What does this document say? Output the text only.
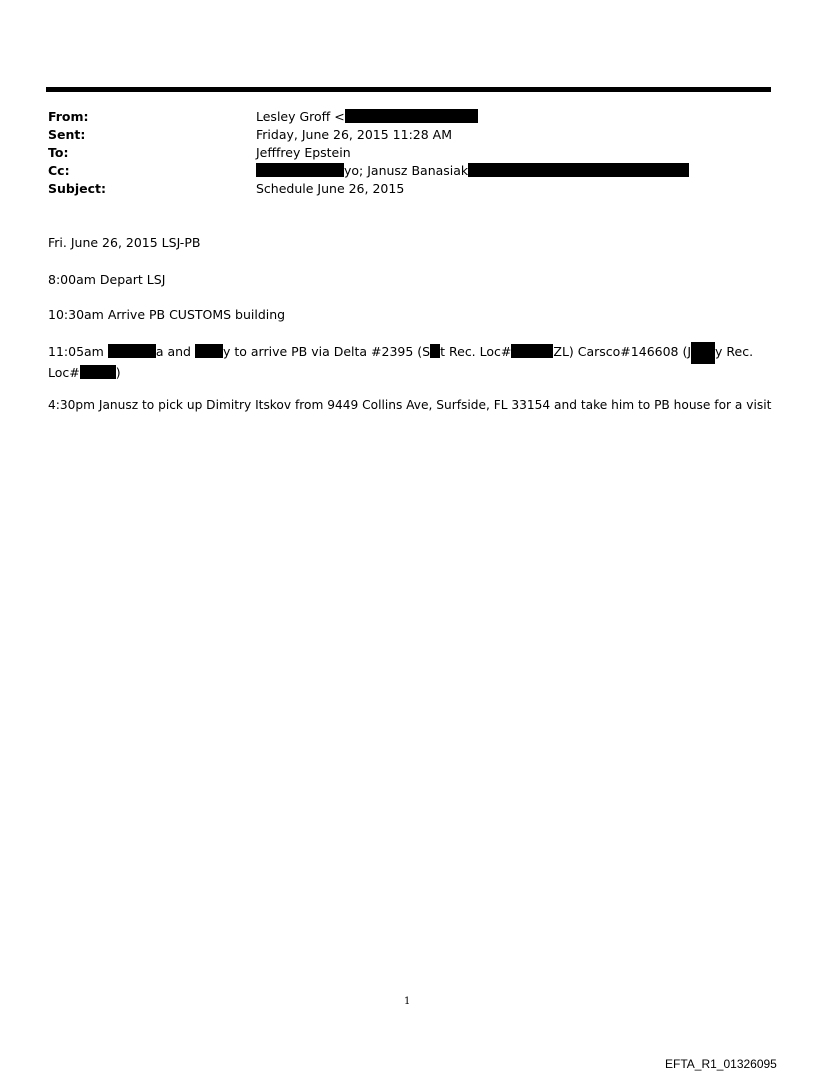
From:	Lesley Groff <
Sent:	Friday, June 26, 2015 11:28 AM
To:	Jefffrey Epstein
Cc:	yo; Janusz Banasiak
Subject:	Schedule June 26, 2015
Fri. June 26, 2015 LSJ-PB
8:00am Depart LSJ
10:30am Arrive PB CUSTOMS building
11:05am	a and	y to arrive PB via Delta #2395 (S t Rec. Loc#	ZL) Carsco#146608 (J y Rec.
Loc#	)
4:30pm Janusz to pick up Dimitry Itskov from 9449 Collins Ave, Surfside, FL 33154 and take him to PB house for a visit
1
EFTA_R1_01326095
